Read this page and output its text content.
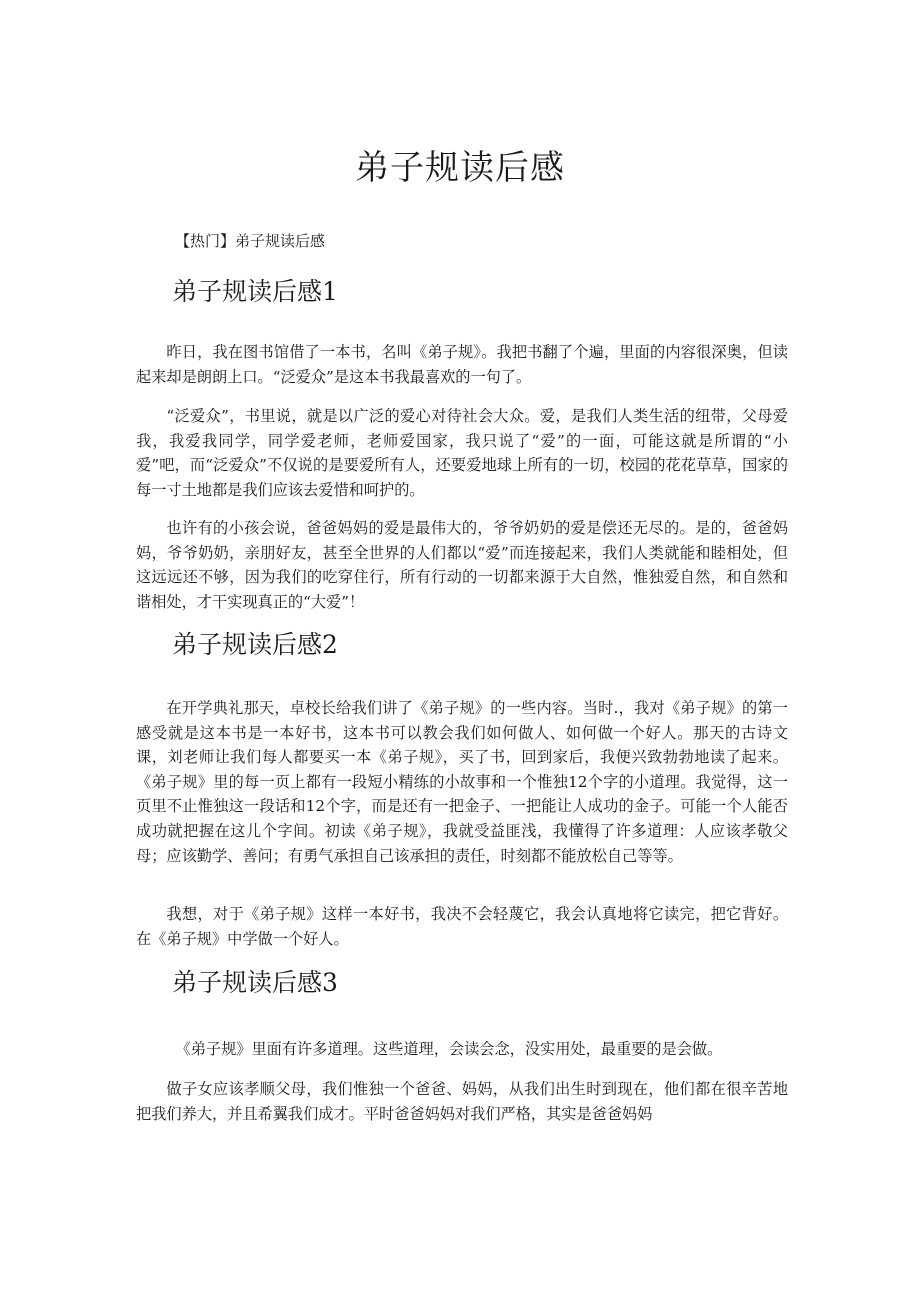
弟子规读后感

【热门】弟子规读后感

弟子规读后感1

昨日，我在图书馆借了一本书，名叫《弟子规》。我把书翻了个遍，里面的内容很深奥，但读起来却是朗朗上口。“泛爱众”是这本书我最喜欢的一句了。

“泛爱众”，书里说，就是以广泛的爱心对待社会大众。爱，是我们人类生活的纽带，父母爱我，我爱我同学，同学爱老师，老师爱国家，我只说了“爱”的一面，可能这就是所谓的“小爱”吧，而“泛爱众”不仅说的是要爱所有人，还要爱地球上所有的一切，校园的花花草草，国家的每一寸土地都是我们应该去爱惜和呵护的。

也许有的小孩会说，爸爸妈妈的爱是最伟大的，爷爷奶奶的爱是偿还无尽的。是的，爸爸妈妈，爷爷奶奶，亲朋好友，甚至全世界的人们都以“爱”而连接起来，我们人类就能和睦相处，但这远远还不够，因为我们的吃穿住行，所有行动的一切都来源于大自然，惟独爱自然，和自然和谐相处，才干实现真正的“大爱”！

弟子规读后感2

在开学典礼那天，卓校长给我们讲了《弟子规》的一些内容。当时.，我对《弟子规》的第一感受就是这本书是一本好书，这本书可以教会我们如何做人、如何做一个好人。那天的古诗文课，刘老师让我们每人都要买一本《弟子规》，买了书，回到家后，我便兴致勃勃地读了起来。《弟子规》里的每一页上都有一段短小精练的小故事和一个惟独12个字的小道理。我觉得，这一页里不止惟独这一段话和12个字，而是还有一把金子、一把能让人成功的金子。可能一个人能否成功就把握在这儿个字间。初读《弟子规》，我就受益匪浅，我懂得了许多道理：人应该孝敬父母；应该勤学、善问；有勇气承担自己该承担的责任，时刻都不能放松自己等等。

我想，对于《弟子规》这样一本好书，我决不会轻蔑它，我会认真地将它读完，把它背好。在《弟子规》中学做一个好人。

弟子规读后感3

《弟子规》里面有许多道理。这些道理，会读会念，没实用处，最重要的是会做。

做子女应该孝顺父母，我们惟独一个爸爸、妈妈，从我们出生时到现在，他们都在很辛苦地把我们养大，并且希翼我们成才。平时爸爸妈妈对我们严格，其实是爸爸妈妈
